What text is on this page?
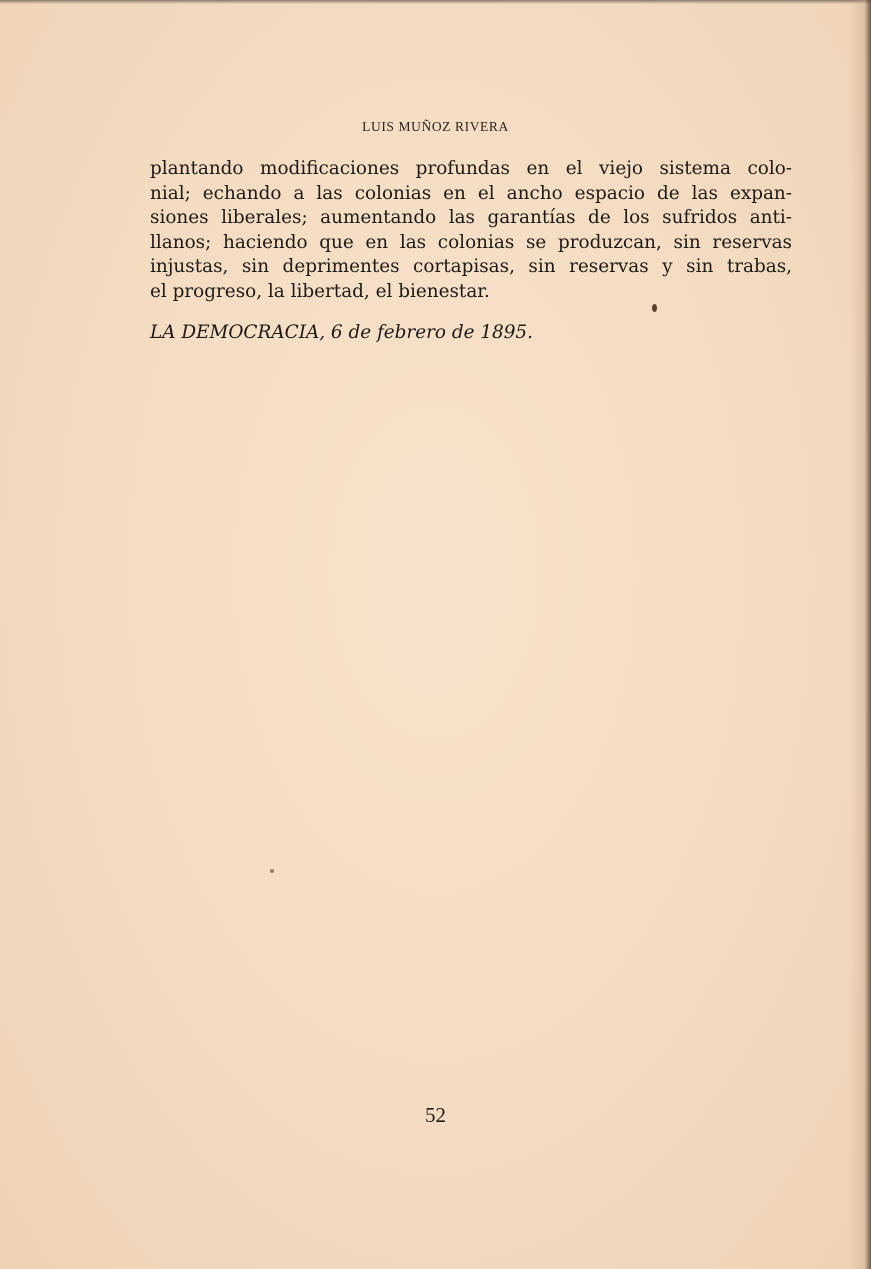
LUIS MUÑOZ RIVERA
plantando modificaciones profundas en el viejo sistema colo-
nial; echando a las colonias en el ancho espacio de las expan-
siones liberales; aumentando las garantías de los sufridos anti-
llanos; haciendo que en las colonias se produzcan, sin reservas
injustas, sin deprimentes cortapisas, sin reservas y sin trabas,
el progreso, la libertad, el bienestar.
LA DEMOCRACIA, 6 de febrero de 1895.
52
